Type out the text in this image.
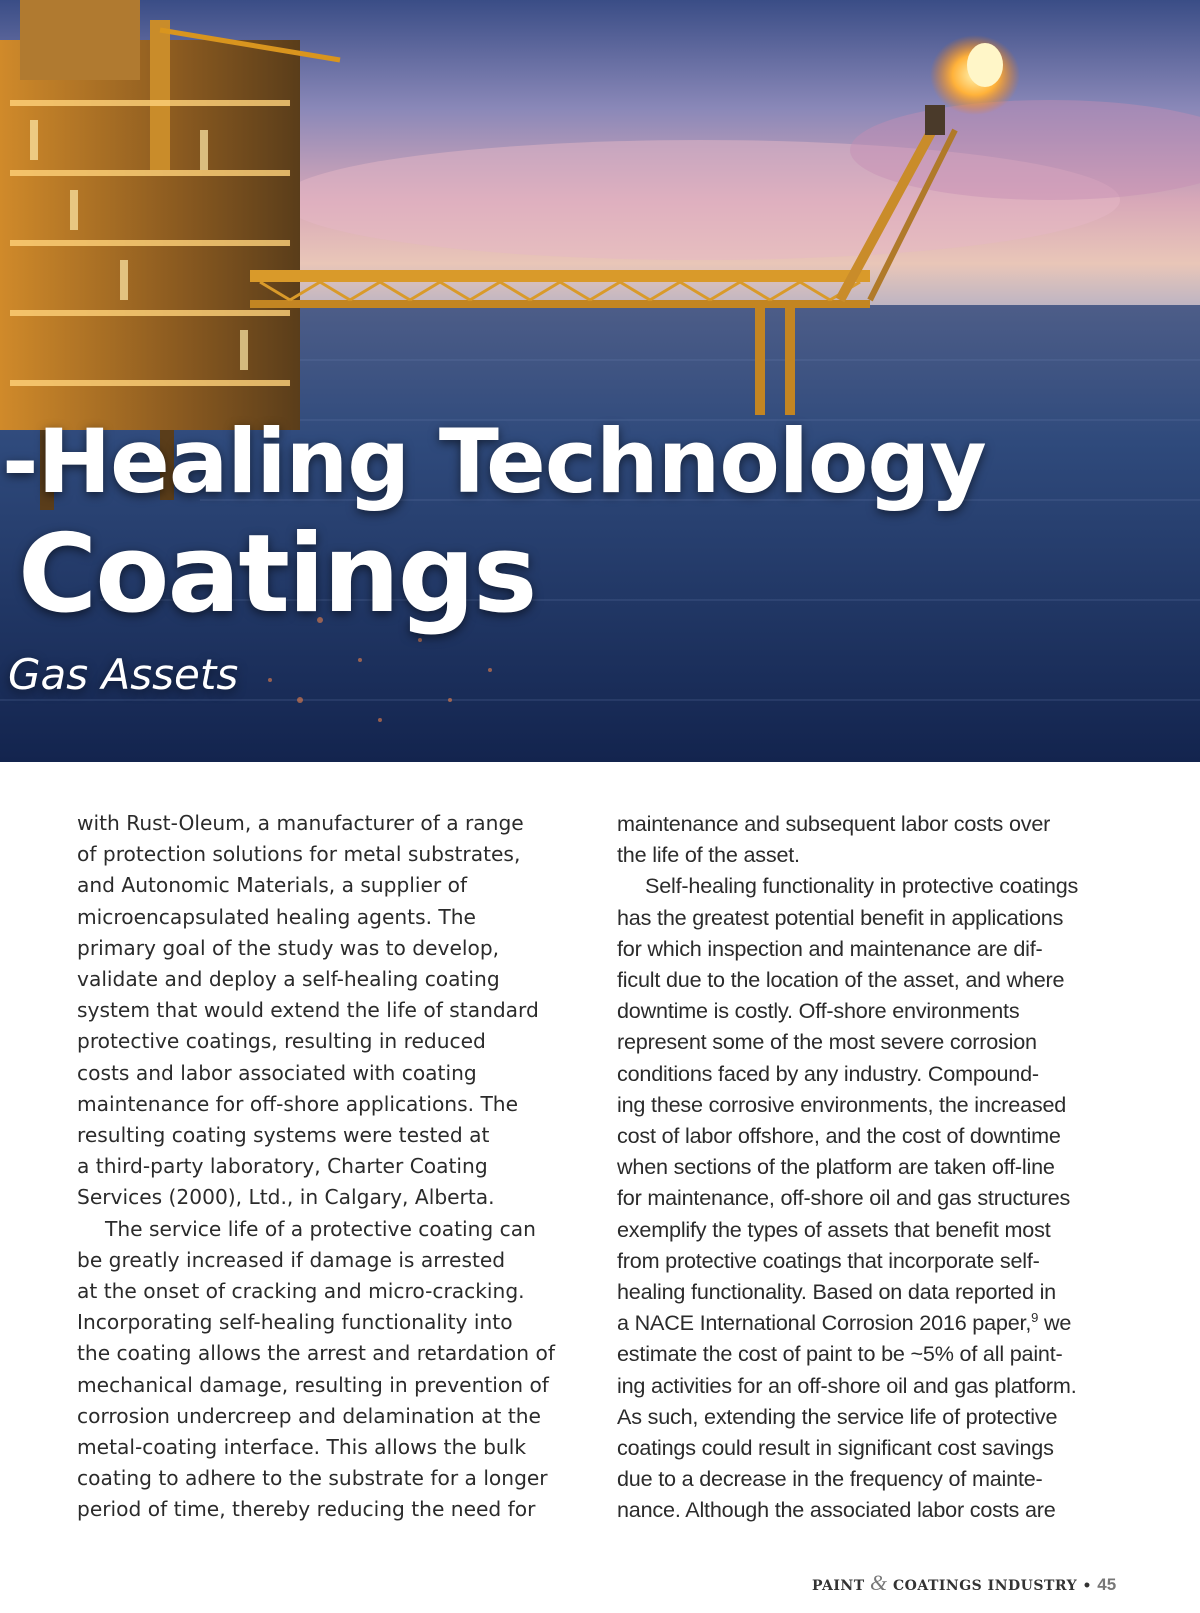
-Healing Technology
Coatings
Gas Assets
with Rust-Oleum, a manufacturer of a range
of protection solutions for metal substrates,
and Autonomic Materials, a supplier of
microencapsulated healing agents. The
primary goal of the study was to develop,
validate and deploy a self-healing coating
system that would extend the life of standard
protective coatings, resulting in reduced
costs and labor associated with coating
maintenance for off-shore applications. The
resulting coating systems were tested at
a third-party laboratory, Charter Coating
Services (2000), Ltd., in Calgary, Alberta.
The service life of a protective coating can
be greatly increased if damage is arrested
at the onset of cracking and micro-cracking.
Incorporating self-healing functionality into
the coating allows the arrest and retardation of
mechanical damage, resulting in prevention of
corrosion undercreep and delamination at the
metal-coating interface. This allows the bulk
coating to adhere to the substrate for a longer
period of time, thereby reducing the need for
maintenance and subsequent labor costs over
the life of the asset.
Self-healing functionality in protective coatings
has the greatest potential benefit in applications
for which inspection and maintenance are dif-
ficult due to the location of the asset, and where
downtime is costly. Off-shore environments
represent some of the most severe corrosion
conditions faced by any industry. Compound-
ing these corrosive environments, the increased
cost of labor offshore, and the cost of downtime
when sections of the platform are taken off-line
for maintenance, off-shore oil and gas structures
exemplify the types of assets that benefit most
from protective coatings that incorporate self-
healing functionality. Based on data reported in
a NACE International Corrosion 2016 paper,$^9$ we
estimate the cost of paint to be ~5% of all paint-
ing activities for an off-shore oil and gas platform.
As such, extending the service life of protective
coatings could result in significant cost savings
due to a decrease in the frequency of mainte-
nance. Although the associated labor costs are
PAINT & COATINGS INDUSTRY • 45
